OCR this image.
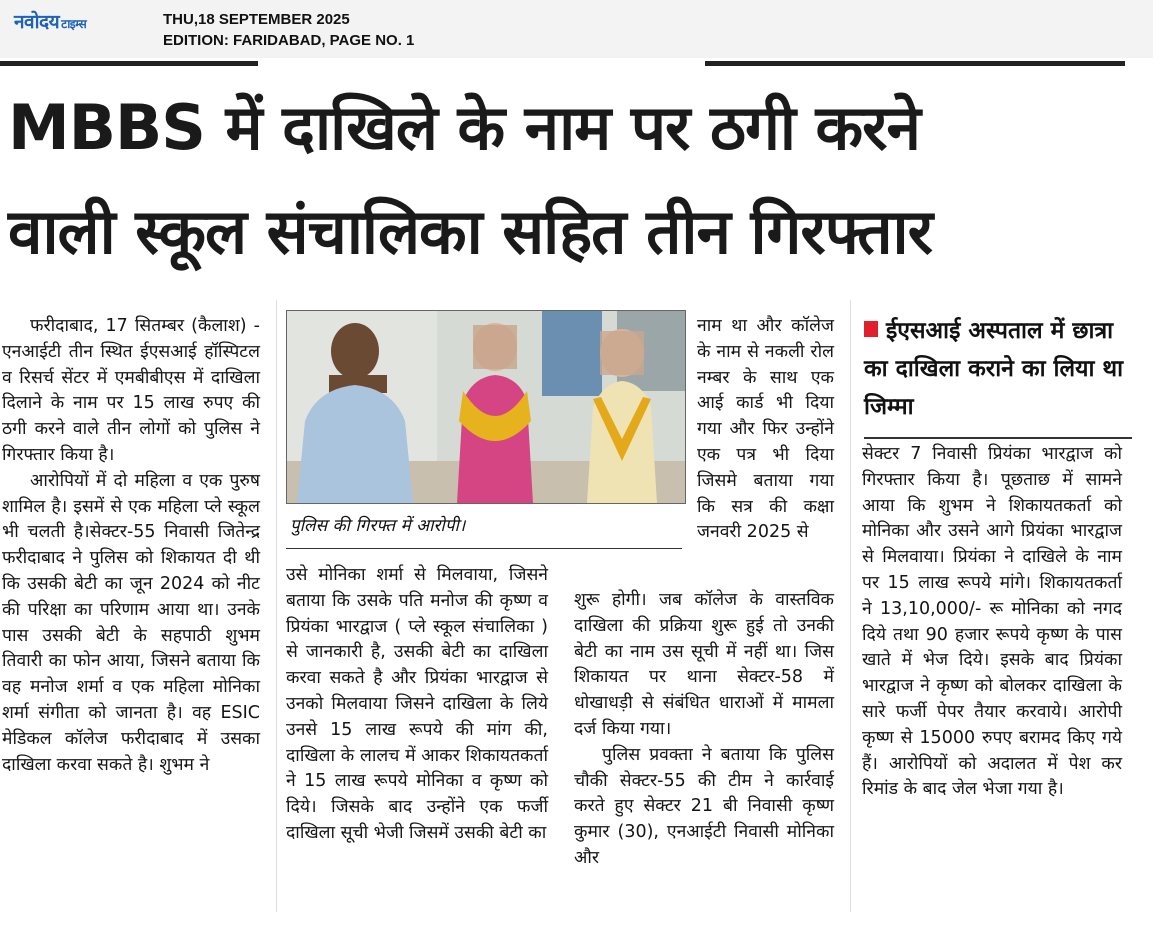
नवोदय टाइम्स	THU,18 SEPTEMBER 2025
EDITION: FARIDABAD, PAGE NO. 1
MBBS में दाखिले के नाम पर ठगी करने
वाली स्कूल संचालिका सहित तीन गिरफ्तार

फरीदाबाद, 17 सितम्बर (कैलाश) - एनआईटी तीन स्थित ईएसआई हॉस्पिटल व रिसर्च सेंटर में एमबीबीएस में दाखिला दिलाने के नाम पर 15 लाख रुपए की ठगी करने वाले तीन लोगों को पुलिस ने गिरफ्तार किया है।

आरोपियों में दो महिला व एक पुरुष शामिल है। इसमें से एक महिला प्ले स्कूल भी चलती है।सेक्टर-55 निवासी जितेन्द्र फरीदाबाद ने पुलिस को शिकायत दी थी कि उसकी बेटी का जून 2024 को नीट की परिक्षा का परिणाम आया था। उनके पास उसकी बेटी के सहपाठी शुभम तिवारी का फोन आया, जिसने बताया कि वह मनोज शर्मा व एक महिला मोनिका शर्मा संगीता को जानता है। वह ESIC मेडिकल कॉलेज फरीदाबाद में उसका दाखिला करवा सकते है। शुभम ने

पुलिस की गिरफ्त में आरोपी।

उसे मोनिका शर्मा से मिलवाया, जिसने बताया कि उसके पति मनोज की कृष्ण व प्रियंका भारद्वाज ( प्ले स्कूल संचालिका ) से जानकारी है, उसकी बेटी का दाखिला करवा सकते है और प्रियंका भारद्वाज से उनको मिलवाया जिसने दाखिला के लिये उनसे 15 लाख रूपये की मांग की, दाखिला के लालच में आकर शिकायतकर्ता ने 15 लाख रूपये मोनिका व कृष्ण को दिये। जिसके बाद उन्होंने एक फर्जी दाखिला सूची भेजी जिसमें उसकी बेटी का

नाम था और कॉलेज के नाम से नकली रोल नम्बर के साथ एक आई कार्ड भी दिया गया और फिर उन्होंने एक पत्र भी दिया जिसमे बताया गया कि सत्र की कक्षा जनवरी 2025 से

शुरू होगी। जब कॉलेज के वास्तविक दाखिला की प्रक्रिया शुरू हुई तो उनकी बेटी का नाम उस सूची में नहीं था। जिस शिकायत पर थाना सेक्टर-58 में धोखाधड़ी से संबंधित धाराओं में मामला दर्ज किया गया।

पुलिस प्रवक्ता ने बताया कि पुलिस चौकी सेक्टर-55 की टीम ने कार्रवाई करते हुए सेक्टर 21 बी निवासी कृष्ण कुमार (30), एनआईटी निवासी मोनिका और

ईएसआई अस्पताल में छात्रा का दाखिला कराने का लिया था जिम्मा

सेक्टर 7 निवासी प्रियंका भारद्वाज को गिरफ्तार किया है। पूछताछ में सामने आया कि शुभम ने शिकायतकर्ता को मोनिका और उसने आगे प्रियंका भारद्वाज से मिलवाया। प्रियंका ने दाखिले के नाम पर 15 लाख रूपये मांगे। शिकायतकर्ता ने 13,10,000/- रू मोनिका को नगद दिये तथा 90 हजार रूपये कृष्ण के पास खाते में भेज दिये। इसके बाद प्रियंका भारद्वाज ने कृष्ण को बोलकर दाखिला के सारे फर्जी पेपर तैयार करवाये। आरोपी कृष्ण से 15000 रुपए बरामद किए गये हैं। आरोपियों को अदालत में पेश कर रिमांड के बाद जेल भेजा गया है।
